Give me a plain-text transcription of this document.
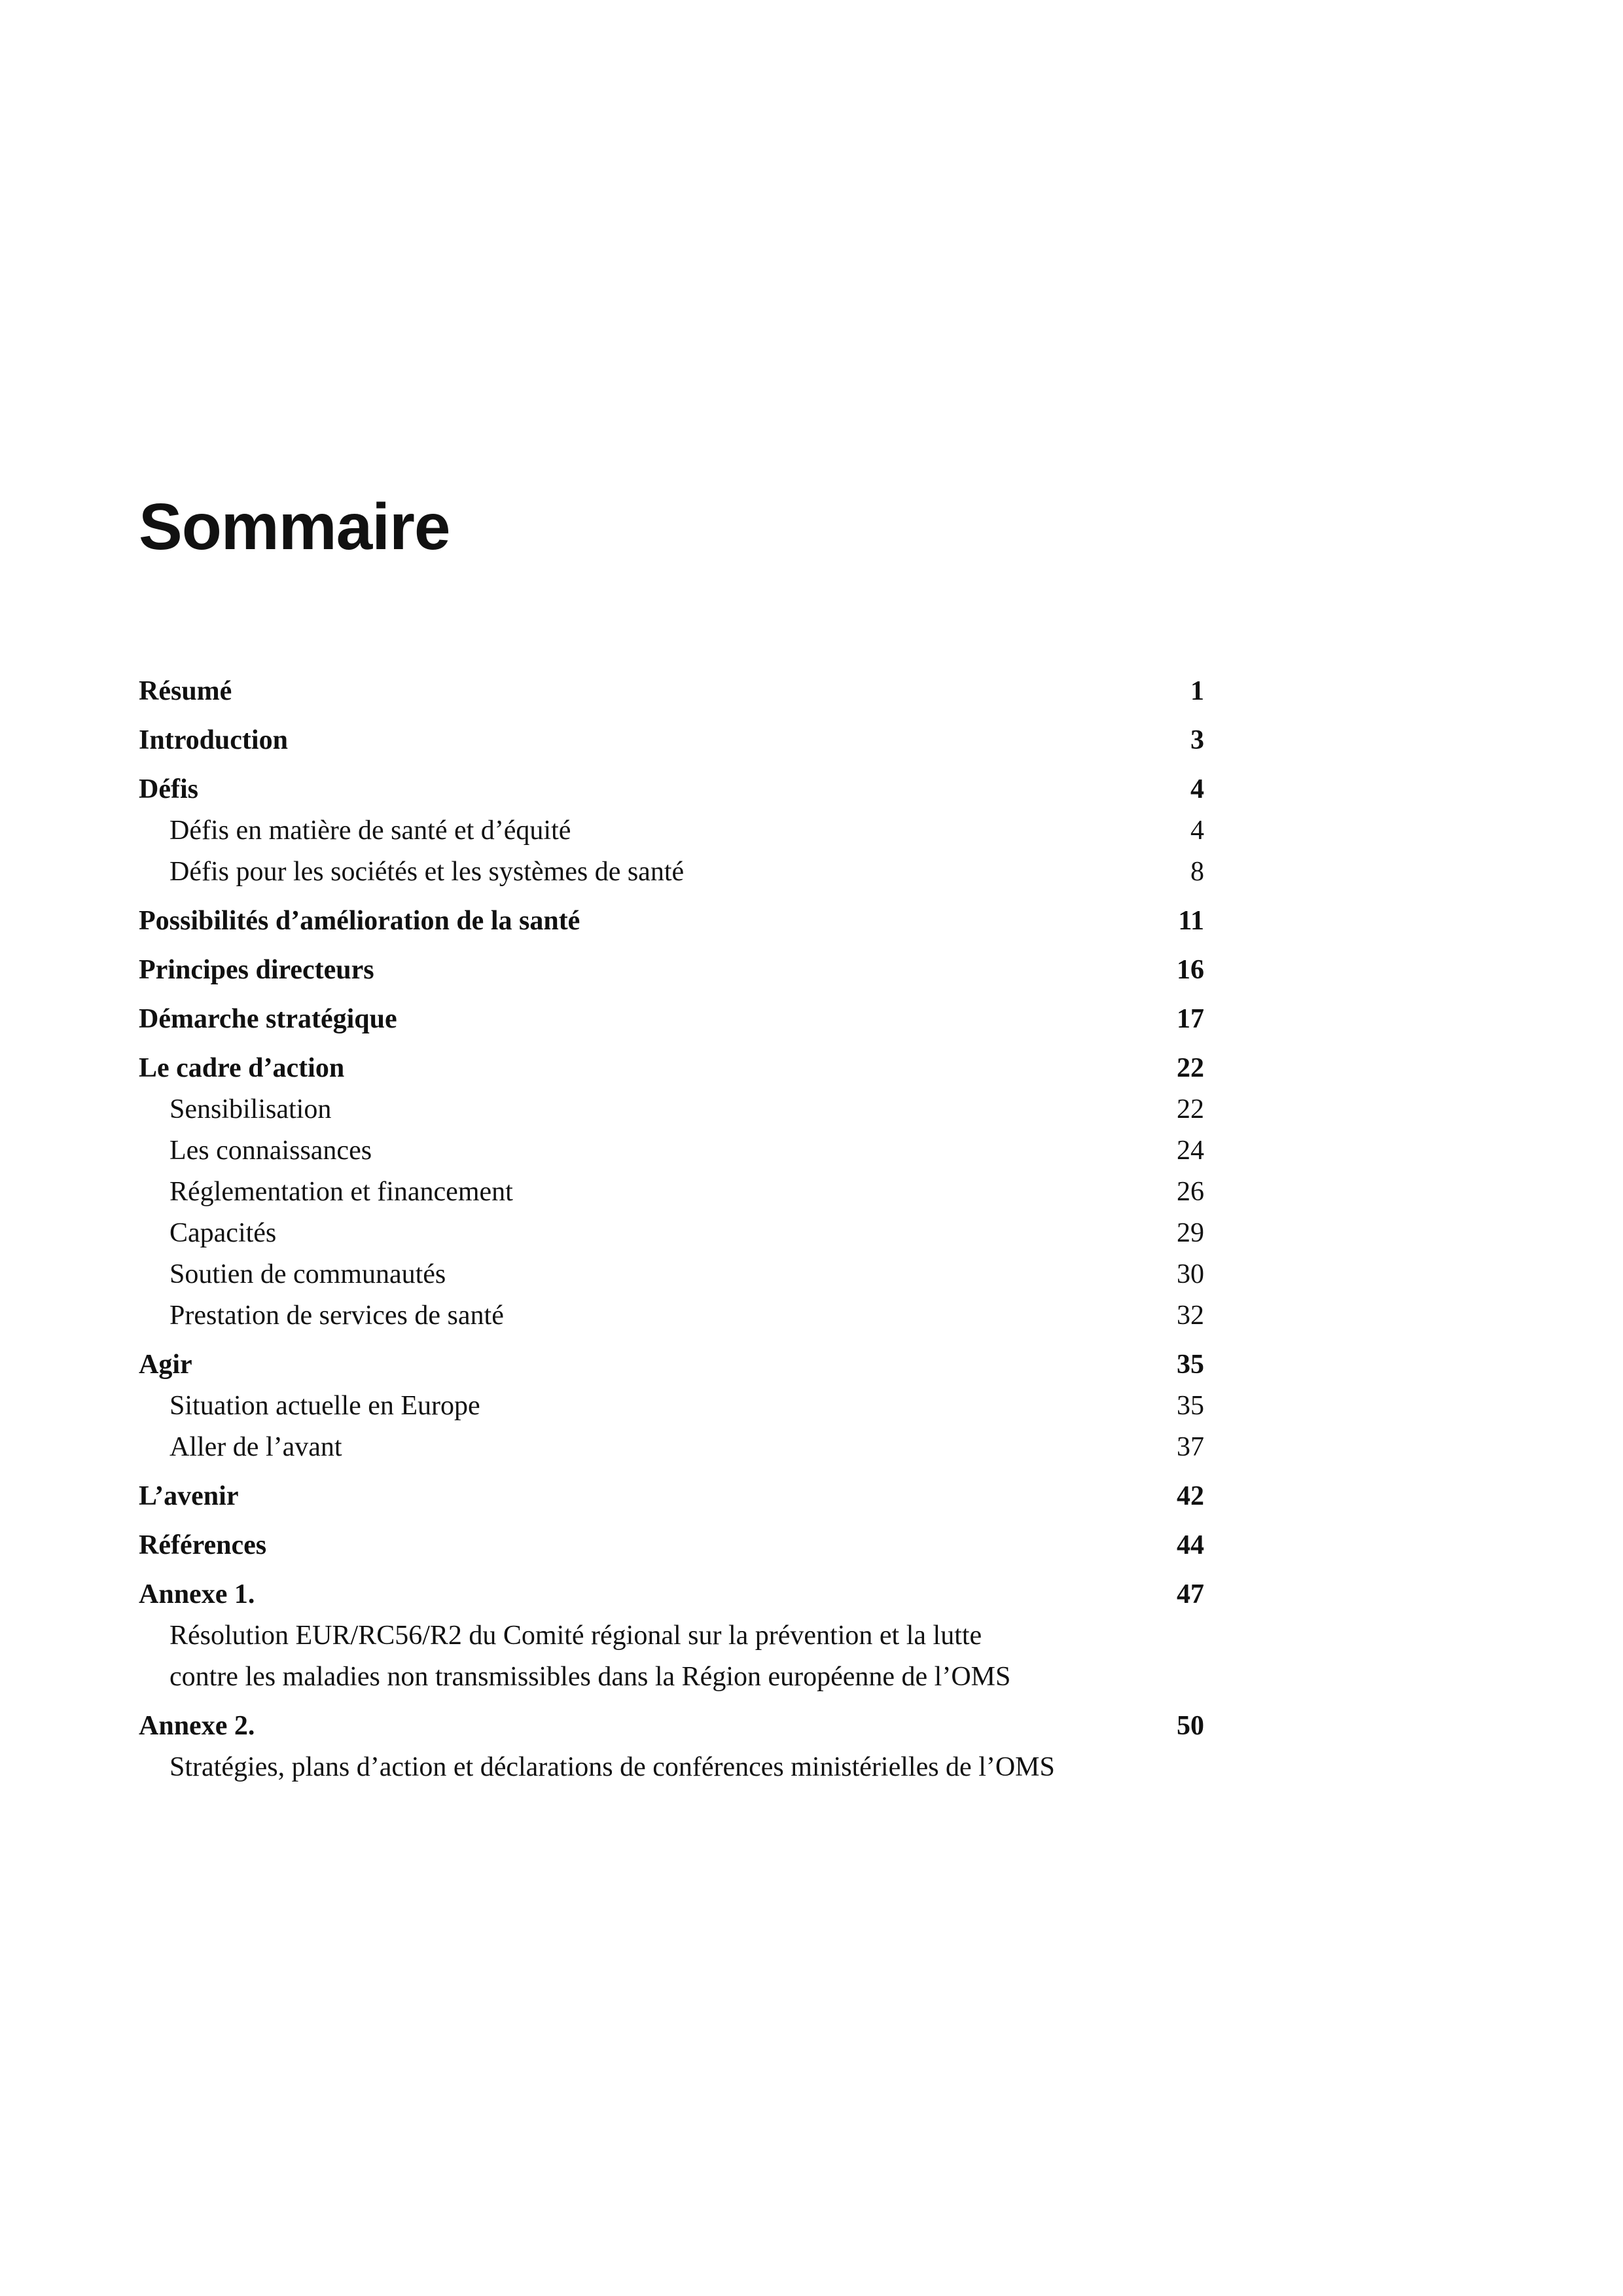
Sommaire
Résumé	1
Introduction	3
Défis	4
Défis en matière de santé et d’équité	4
Défis pour les sociétés et les systèmes de santé	8
Possibilités d’amélioration de la santé	11
Principes directeurs	16
Démarche stratégique	17
Le cadre d’action	22
Sensibilisation	22
Les connaissances	24
Réglementation et financement	26
Capacités	29
Soutien de communautés	30
Prestation de services de santé	32
Agir	35
Situation actuelle en Europe	35
Aller de l’avant	37
L’avenir	42
Références	44
Annexe 1.	47
Résolution EUR/RC56/R2 du Comité régional sur la prévention et la lutte
contre les maladies non transmissibles dans la Région européenne de l’OMS
Annexe 2.	50
Stratégies, plans d’action et déclarations de conférences ministérielles de l’OMS
